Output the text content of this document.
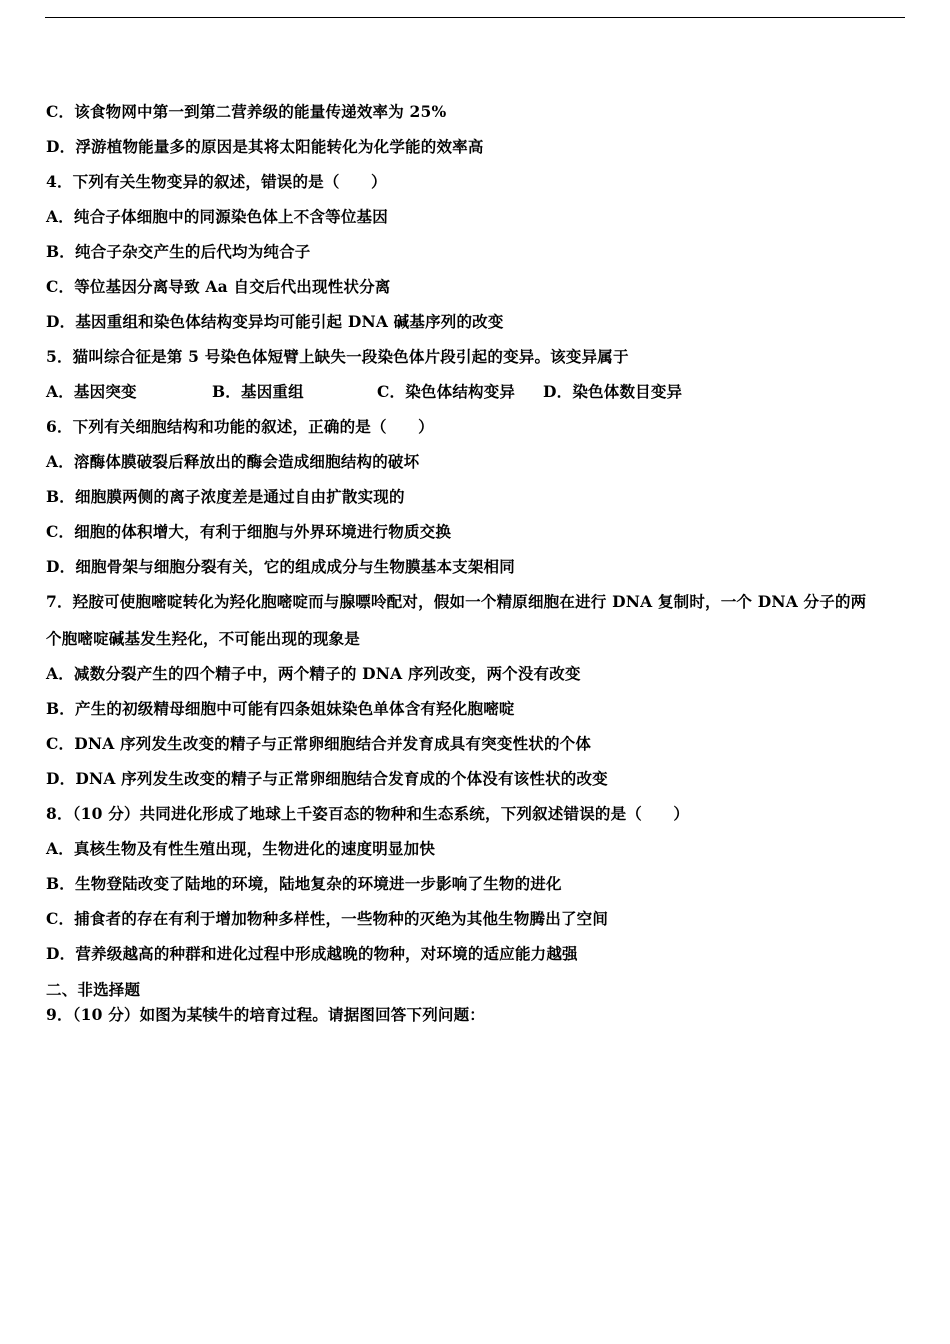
C．该食物网中第一到第二营养级的能量传递效率为 25%
D．浮游植物能量多的原因是其将太阳能转化为化学能的效率高
4．下列有关生物变异的叙述，错误的是（　　）
A．纯合子体细胞中的同源染色体上不含等位基因
B．纯合子杂交产生的后代均为纯合子
C．等位基因分离导致 Aa 自交后代出现性状分离
D．基因重组和染色体结构变异均可能引起 DNA 碱基序列的改变
5．猫叫综合征是第 5 号染色体短臂上缺失一段染色体片段引起的变异。该变异属于
A．基因突变	B．基因重组	C．染色体结构变异 D．染色体数目变异
6．下列有关细胞结构和功能的叙述，正确的是（　　）
A．溶酶体膜破裂后释放出的酶会造成细胞结构的破坏
B．细胞膜两侧的离子浓度差是通过自由扩散实现的
C．细胞的体积增大，有利于细胞与外界环境进行物质交换
D．细胞骨架与细胞分裂有关，它的组成成分与生物膜基本支架相同
7．羟胺可使胞嘧啶转化为羟化胞嘧啶而与腺嘌呤配对，假如一个精原细胞在进行 DNA 复制时，一个 DNA 分子的两
个胞嘧啶碱基发生羟化，不可能出现的现象是
A．减数分裂产生的四个精子中，两个精子的 DNA 序列改变，两个没有改变
B．产生的初级精母细胞中可能有四条姐妹染色单体含有羟化胞嘧啶
C．DNA 序列发生改变的精子与正常卵细胞结合并发育成具有突变性状的个体
D．DNA 序列发生改变的精子与正常卵细胞结合发育成的个体没有该性状的改变
8．（10 分）共同进化形成了地球上千姿百态的物种和生态系统，下列叙述错误的是（　　）
A．真核生物及有性生殖出现，生物进化的速度明显加快
B．生物登陆改变了陆地的环境，陆地复杂的环境进一步影响了生物的进化
C．捕食者的存在有利于增加物种多样性，一些物种的灭绝为其他生物腾出了空间
D．营养级越高的种群和进化过程中形成越晚的物种，对环境的适应能力越强
二、非选择题
9．（10 分）如图为某犊牛的培育过程。请据图回答下列问题：
